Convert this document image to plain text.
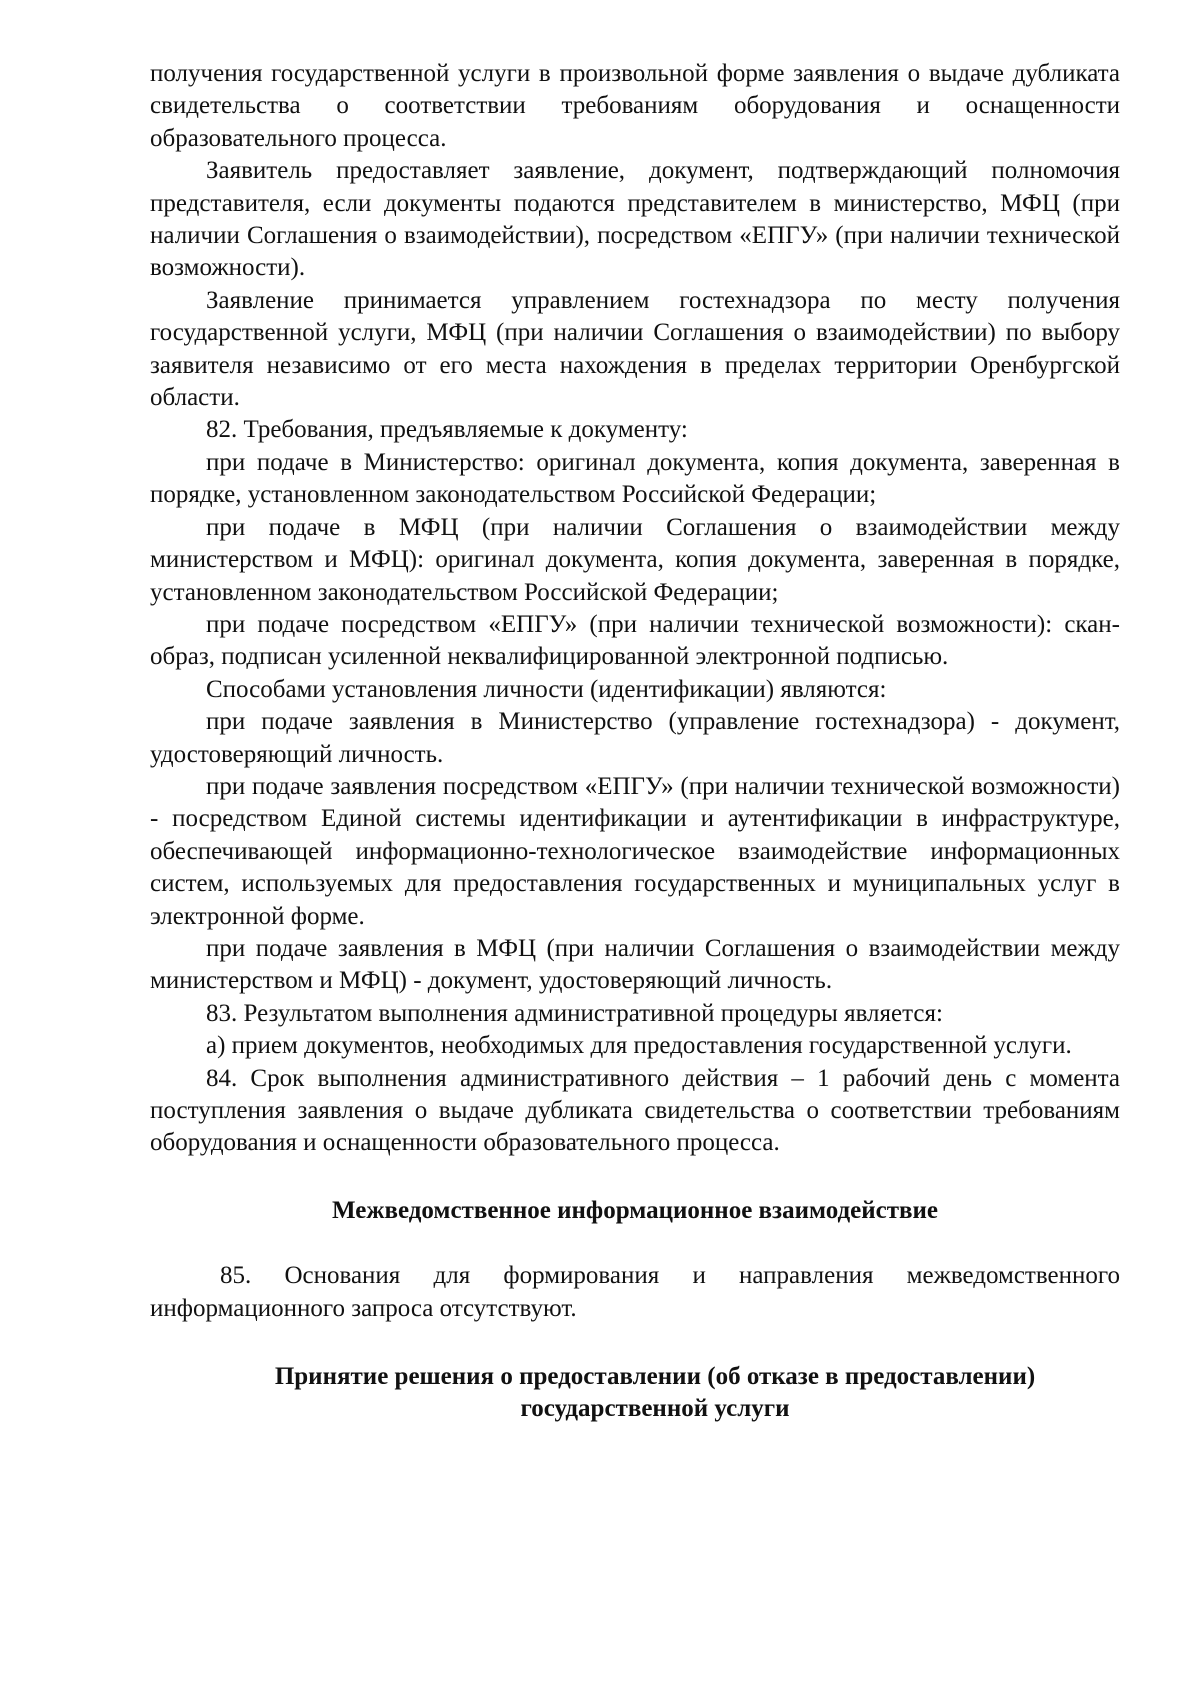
получения государственной услуги в произвольной форме заявления о выдаче дубликата свидетельства о соответствии требованиям оборудования и оснащенности образовательного процесса.

Заявитель предоставляет заявление, документ, подтверждающий полномочия представителя, если документы подаются представителем в министерство, МФЦ (при наличии Соглашения о взаимодействии), посредством «ЕПГУ» (при наличии технической возможности).

Заявление принимается управлением гостехнадзора по месту получения государственной услуги, МФЦ (при наличии Соглашения о взаимодействии) по выбору заявителя независимо от его места нахождения в пределах территории Оренбургской области.

82. Требования, предъявляемые к документу:

при подаче в Министерство: оригинал документа, копия документа, заверенная в порядке, установленном законодательством Российской Федерации;

при подаче в МФЦ (при наличии Соглашения о взаимодействии между министерством и МФЦ): оригинал документа, копия документа, заверенная в порядке, установленном законодательством Российской Федерации;

при подаче посредством «ЕПГУ» (при наличии технической возможности): скан-образ, подписан усиленной неквалифицированной электронной подписью.

Способами установления личности (идентификации) являются:

при подаче заявления в Министерство (управление гостехнадзора) - документ, удостоверяющий личность.

при подаче заявления посредством «ЕПГУ» (при наличии технической возможности) - посредством Единой системы идентификации и аутентификации в инфраструктуре, обеспечивающей информационно-технологическое взаимодействие информационных систем, используемых для предоставления государственных и муниципальных услуг в электронной форме.

при подаче заявления в МФЦ (при наличии Соглашения о взаимодействии между министерством и МФЦ) - документ, удостоверяющий личность.

83. Результатом выполнения административной процедуры является:

а) прием документов, необходимых для предоставления государственной услуги.

84. Срок выполнения административного действия – 1 рабочий день с момента поступления заявления о выдаче дубликата свидетельства о соответствии требованиям оборудования и оснащенности образовательного процесса.

Межведомственное информационное взаимодействие

85. Основания для формирования и направления межведомственного информационного запроса отсутствуют.

Принятие решения о предоставлении (об отказе в предоставлении)

государственной услуги
